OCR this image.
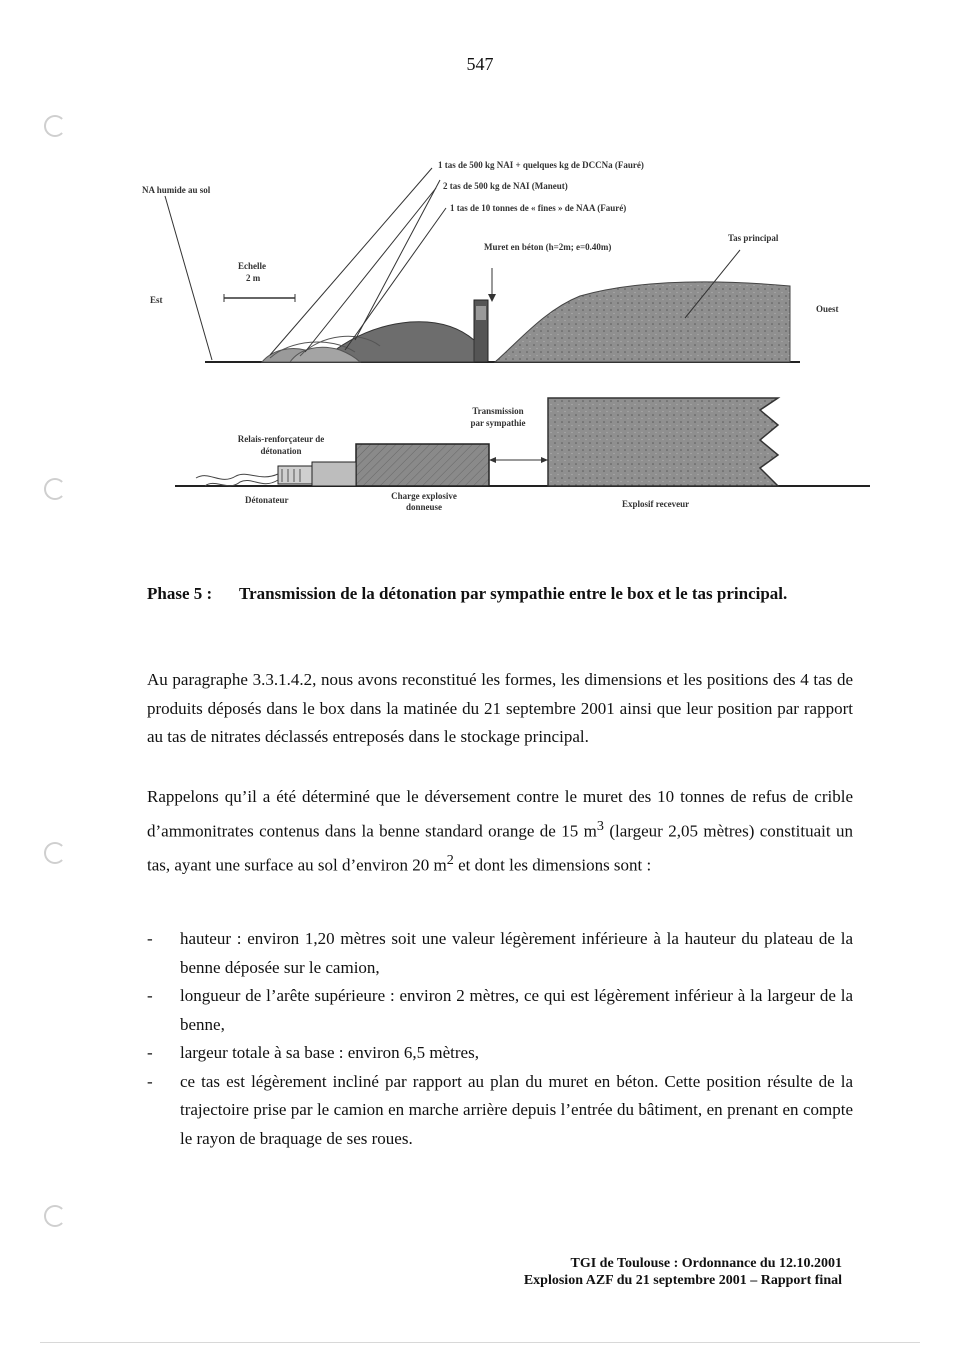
547
NA humide au sol
1 tas de 500 kg NAI + quelques kg de DCCNa (Fauré)
2 tas de 500 kg de NAI (Maneut)
1 tas de 10 tonnes de « fines » de NAA (Fauré)
Muret en béton (h=2m; e=0.40m)
Tas principal
Echelle
2 m
Est
Ouest
Transmission
par sympathie
Relais-renforçateur de
détonation
Détonateur	Charge explosive
donneuse	Explosif receveur
Phase 5 : Transmission de la détonation par sympathie entre le box et le tas principal.

Au paragraphe 3.3.1.4.2, nous avons reconstitué les formes, les dimensions et les positions des 4 tas de produits déposés dans le box dans la matinée du 21 septembre 2001 ainsi que leur position par rapport au tas de nitrates déclassés entreposés dans le stockage principal.

Rappelons qu’il a été déterminé que le déversement contre le muret des 10 tonnes de refus de crible d’ammonitrates contenus dans la benne standard orange de 15 $m^3$ (largeur 2,05 mètres) constituait un tas, ayant une surface au sol d’environ 20 $m^2$ et dont les dimensions sont :

- hauteur : environ 1,20 mètres soit une valeur légèrement inférieure à la hauteur du plateau de la benne déposée sur le camion,
- longueur de l’arête supérieure : environ 2 mètres, ce qui est légèrement inférieur à la largeur de la benne,
- largeur totale à sa base : environ 6,5 mètres,
- ce tas est légèrement incliné par rapport au plan du muret en béton. Cette position résulte de la trajectoire prise par le camion en marche arrière depuis l’entrée du bâtiment, en prenant en compte le rayon de braquage de ses roues.
TGI de Toulouse : Ordonnance du 12.10.2001
Explosion AZF du 21 septembre 2001 – Rapport final
